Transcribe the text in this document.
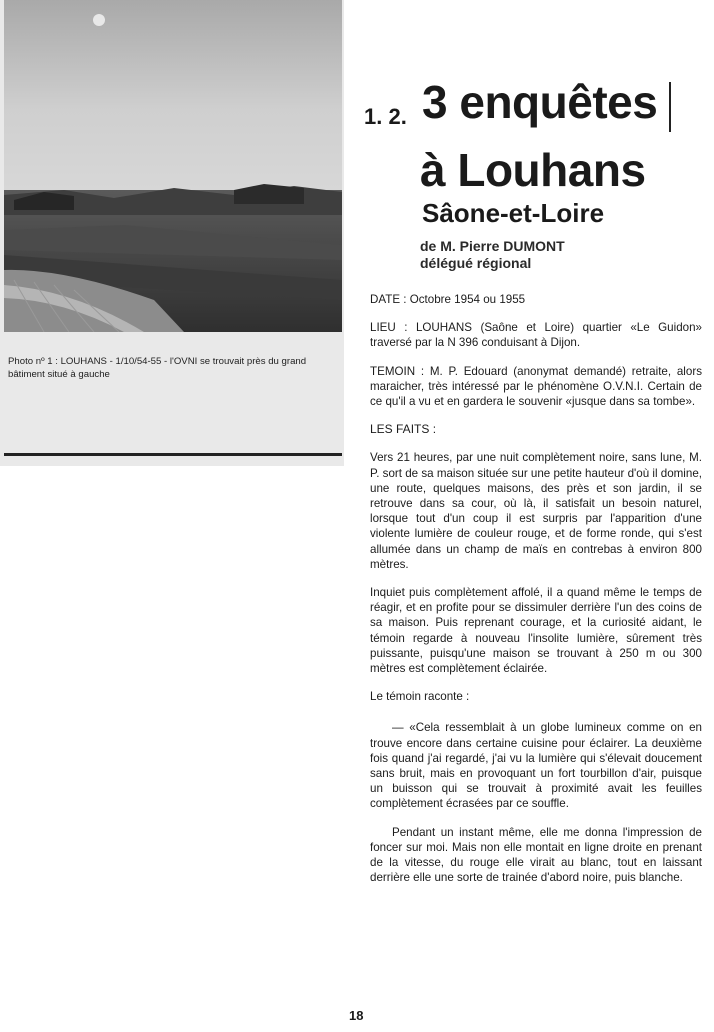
Photo nº 1 : LOUHANS - 1/10/54-55 - l'OVNI se trouvait près du grand bâtiment situé à gauche
1. 2. 3 enquêtes
à Louhans
Sâone-et-Loire
de M. Pierre DUMONT
délégué régional

DATE : Octobre 1954 ou 1955

LIEU : LOUHANS (Saône et Loire) quartier «Le Guidon» traversé par la N 396 conduisant à Dijon.

TEMOIN : M. P. Edouard (anonymat demandé) retraite, alors maraicher, très intéressé par le phénomène O.V.N.I. Certain de ce qu'il a vu et en gardera le souvenir «jusque dans sa tombe».

LES FAITS :

Vers 21 heures, par une nuit complètement noire, sans lune, M. P. sort de sa maison située sur une petite hauteur d'où il domine, une route, quelques maisons, des près et son jardin, il se retrouve dans sa cour, où là, il satisfait un besoin naturel, lorsque tout d'un coup il est surpris par l'apparition d'une violente lumière de couleur rouge, et de forme ronde, qui s'est allumée dans un champ de maïs en contrebas à environ 800 mètres.

Inquiet puis complètement affolé, il a quand même le temps de réagir, et en profite pour se dissimuler derrière l'un des coins de sa maison. Puis reprenant courage, et la curiosité aidant, le témoin regarde à nouveau l'insolite lumière, sûrement très puissante, puisqu'une maison se trouvant à 250 m ou 300 mètres est complètement éclairée.

Le témoin raconte :

— «Cela ressemblait à un globe lumineux comme on en trouve encore dans certaine cuisine pour éclairer. La deuxième fois quand j'ai regardé, j'ai vu la lumière qui s'élevait doucement sans bruit, mais en provoquant un fort tourbillon d'air, puisque un buisson qui se trouvait à proximité avait les feuilles complètement écrasées par ce souffle.

Pendant un instant même, elle me donna l'impression de foncer sur moi. Mais non elle montait en ligne droite en prenant de la vitesse, du rouge elle virait au blanc, tout en laissant derrière elle une sorte de trainée d'abord noire, puis blanche.

18
